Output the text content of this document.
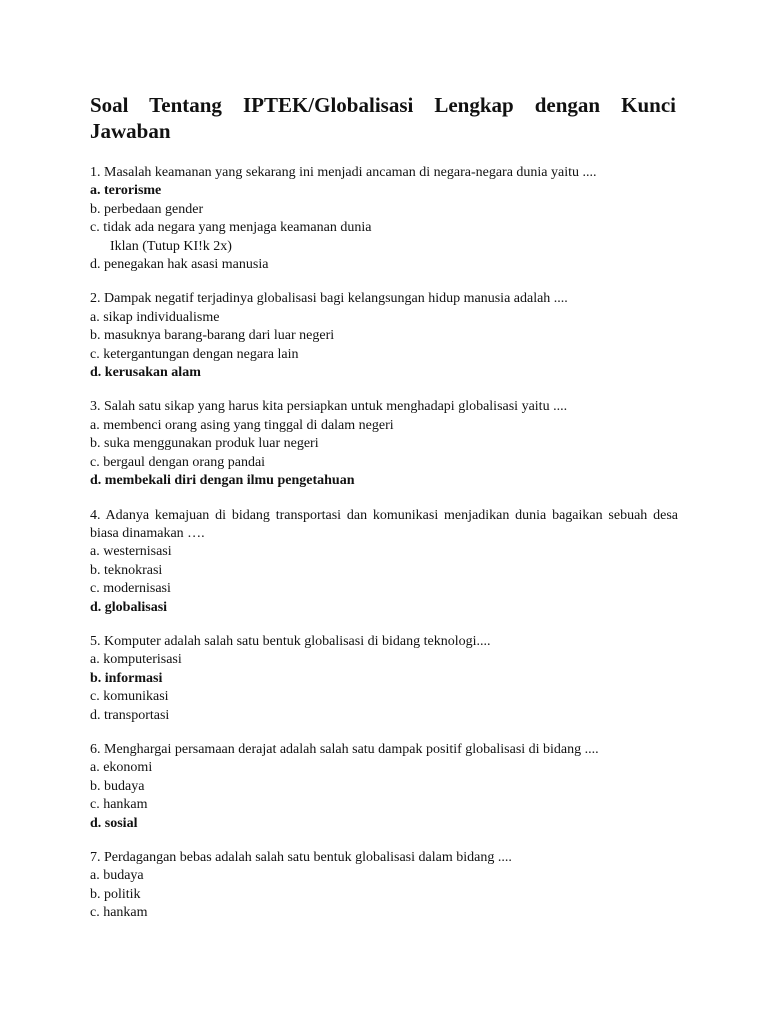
Soal Tentang IPTEK/Globalisasi Lengkap dengan Kunci Jawaban
1. Masalah keamanan yang sekarang ini menjadi ancaman di negara-negara dunia yaitu ....
a. terorisme
b. perbedaan gender
c. tidak ada negara yang menjaga keamanan dunia
Iklan (Tutup KI!k 2x)
d. penegakan hak asasi manusia
2. Dampak negatif terjadinya globalisasi bagi kelangsungan hidup manusia adalah ....
a. sikap individualisme
b. masuknya barang-barang dari luar negeri
c. ketergantungan dengan negara lain
d. kerusakan alam
3. Salah satu sikap yang harus kita persiapkan untuk menghadapi globalisasi yaitu ....
a. membenci orang asing yang tinggal di dalam negeri
b. suka menggunakan produk luar negeri
c. bergaul dengan orang pandai
d. membekali diri dengan ilmu pengetahuan
4. Adanya kemajuan di bidang transportasi dan komunikasi menjadikan dunia bagaikan sebuah desa biasa dinamakan ….
a. westernisasi
b. teknokrasi
c. modernisasi
d. globalisasi
5. Komputer adalah salah satu bentuk globalisasi di bidang teknologi....
a. komputerisasi
b. informasi
c. komunikasi
d. transportasi
6. Menghargai persamaan derajat adalah salah satu dampak positif globalisasi di bidang ....
a. ekonomi
b. budaya
c. hankam
d. sosial
7. Perdagangan bebas adalah salah satu bentuk globalisasi dalam bidang ....
a. budaya
b. politik
c. hankam
